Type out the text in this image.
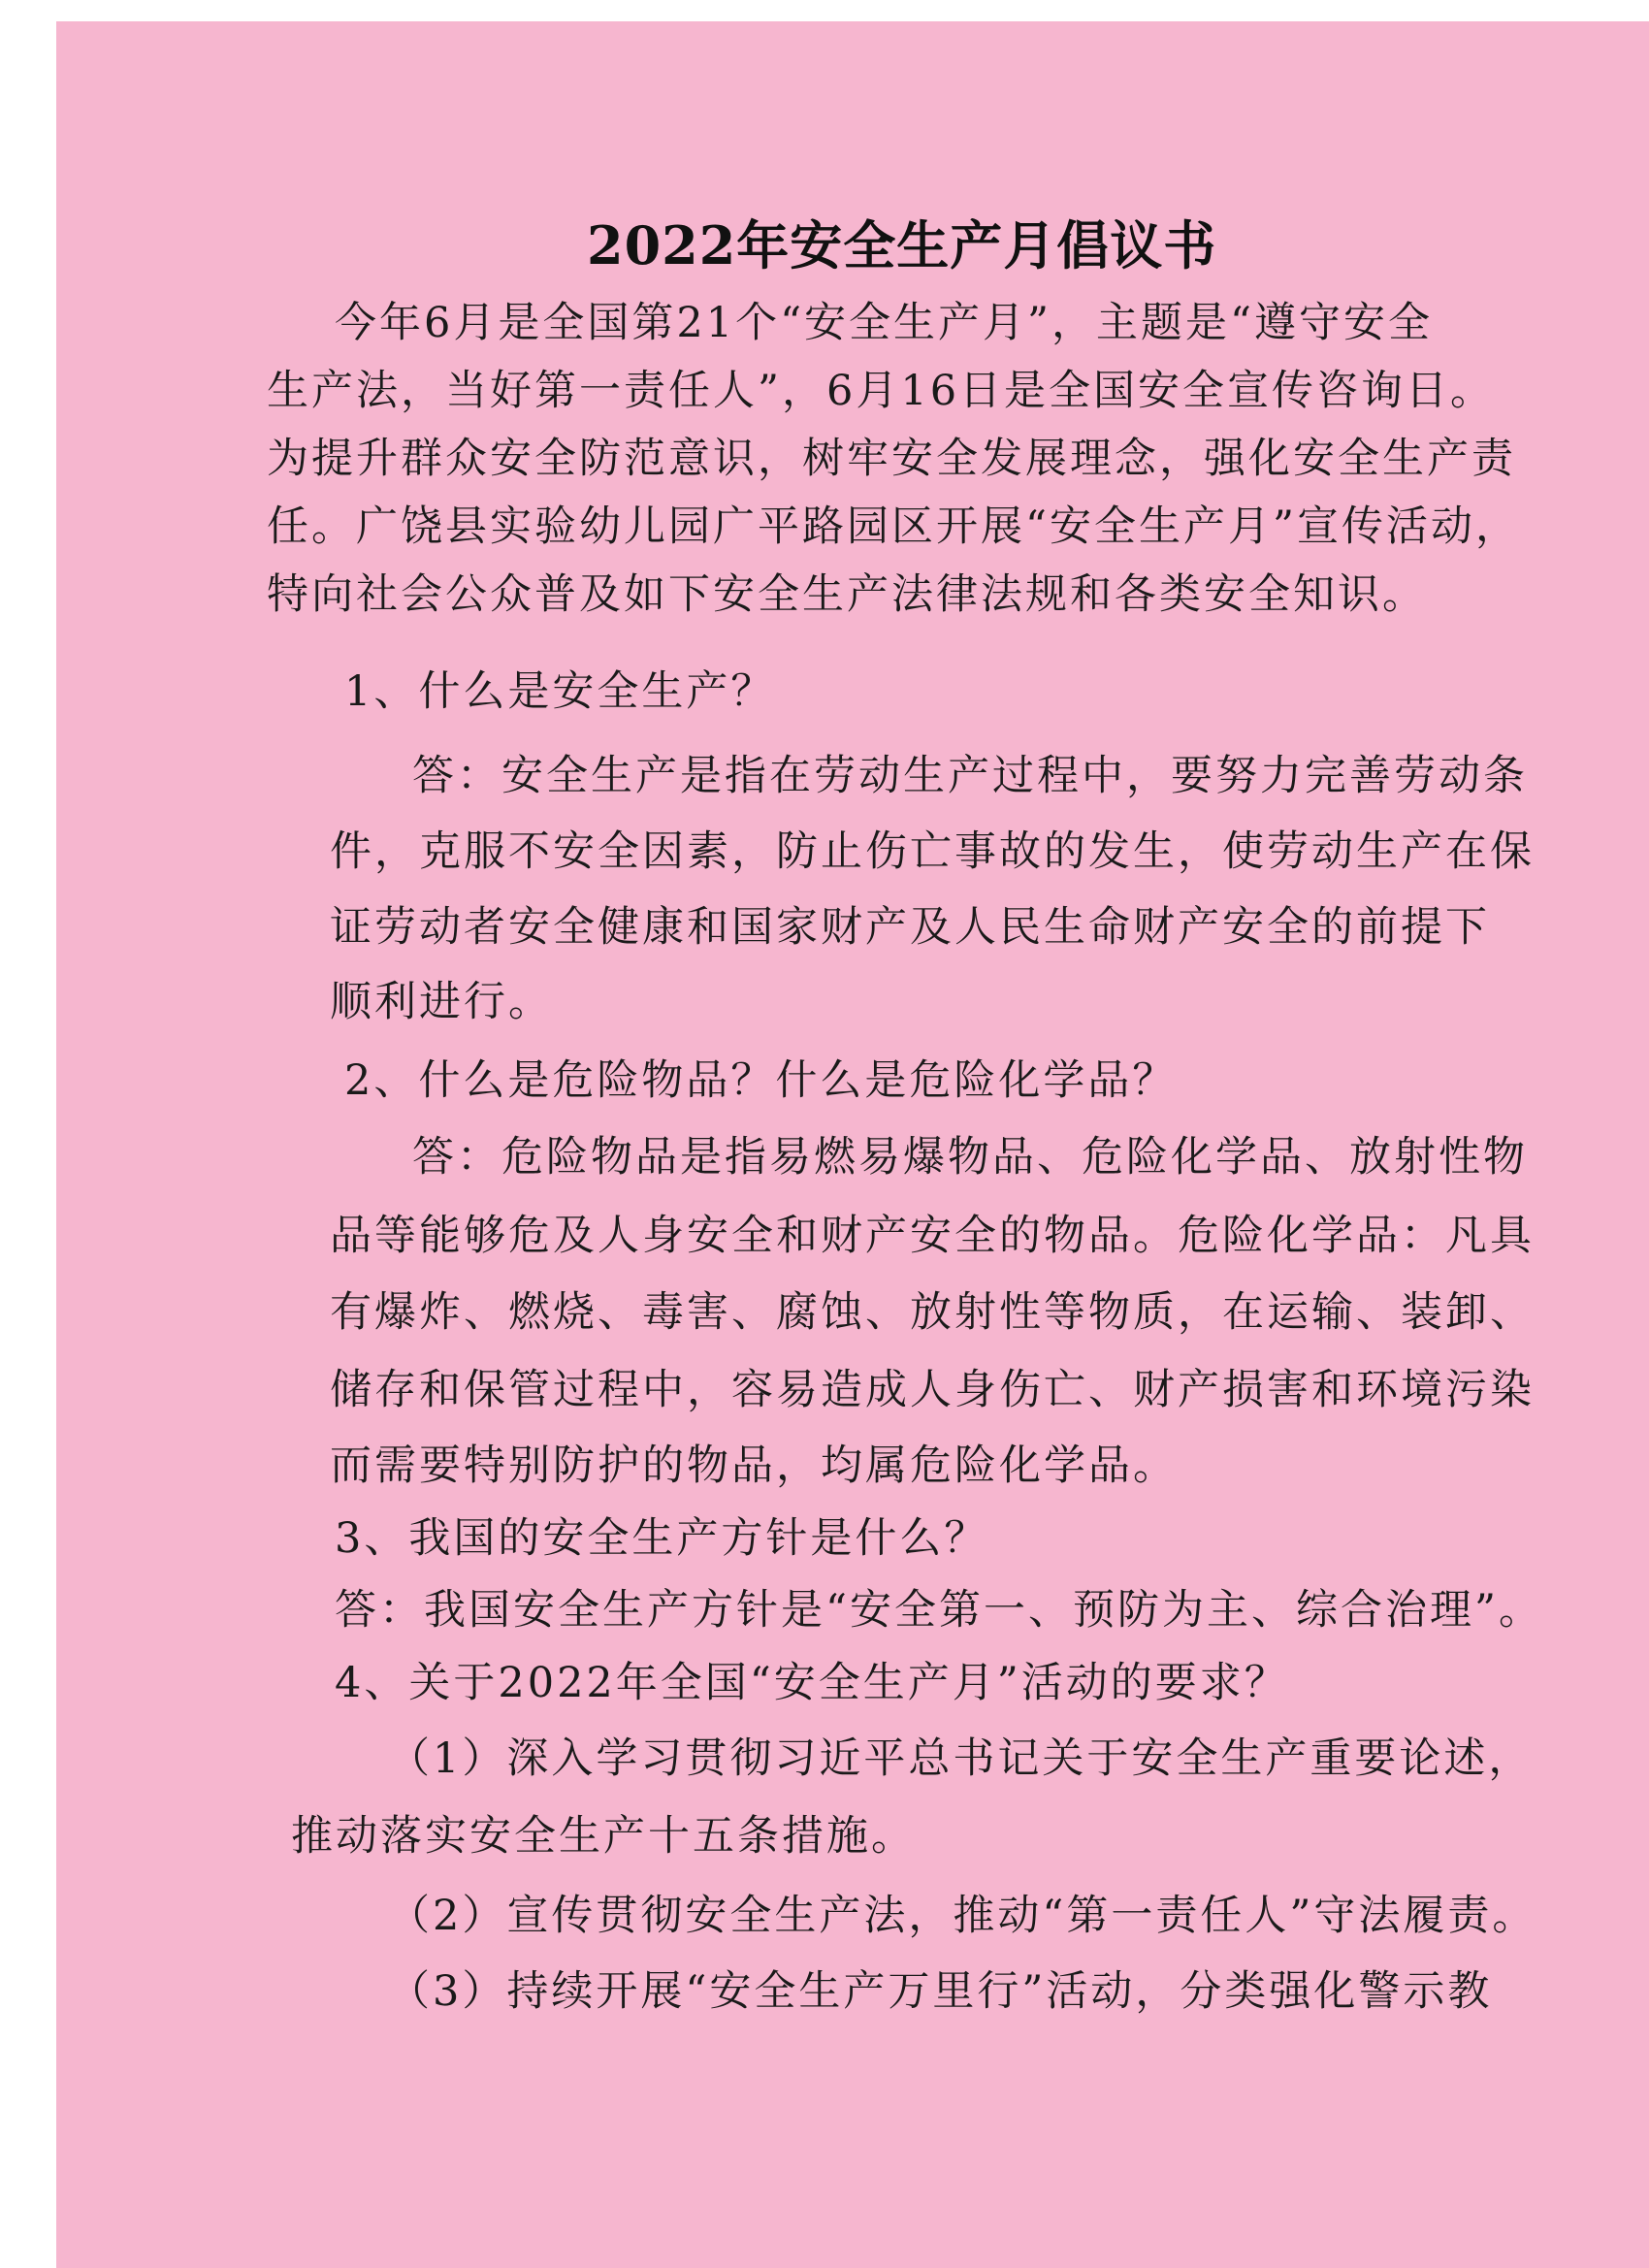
2022年安全生产月倡议书
今年6月是全国第21个“安全生产月”，主题是“遵守安全
生产法，当好第一责任人”，6月16日是全国安全宣传咨询日。
为提升群众安全防范意识，树牢安全发展理念，强化安全生产责
任。广饶县实验幼儿园广平路园区开展“安全生产月”宣传活动，
特向社会公众普及如下安全生产法律法规和各类安全知识。
1、什么是安全生产？
答：安全生产是指在劳动生产过程中，要努力完善劳动条
件，克服不安全因素，防止伤亡事故的发生，使劳动生产在保
证劳动者安全健康和国家财产及人民生命财产安全的前提下
顺利进行。
2、什么是危险物品？什么是危险化学品？
答：危险物品是指易燃易爆物品、危险化学品、放射性物
品等能够危及人身安全和财产安全的物品。危险化学品：凡具
有爆炸、燃烧、毒害、腐蚀、放射性等物质，在运输、装卸、
储存和保管过程中，容易造成人身伤亡、财产损害和环境污染
而需要特别防护的物品，均属危险化学品。
3、我国的安全生产方针是什么？
答：我国安全生产方针是“安全第一、预防为主、综合治理”。
4、关于2022年全国“安全生产月”活动的要求？
（1）深入学习贯彻习近平总书记关于安全生产重要论述，
推动落实安全生产十五条措施。
（2）宣传贯彻安全生产法，推动“第一责任人”守法履责。
（3）持续开展“安全生产万里行”活动，分类强化警示教
